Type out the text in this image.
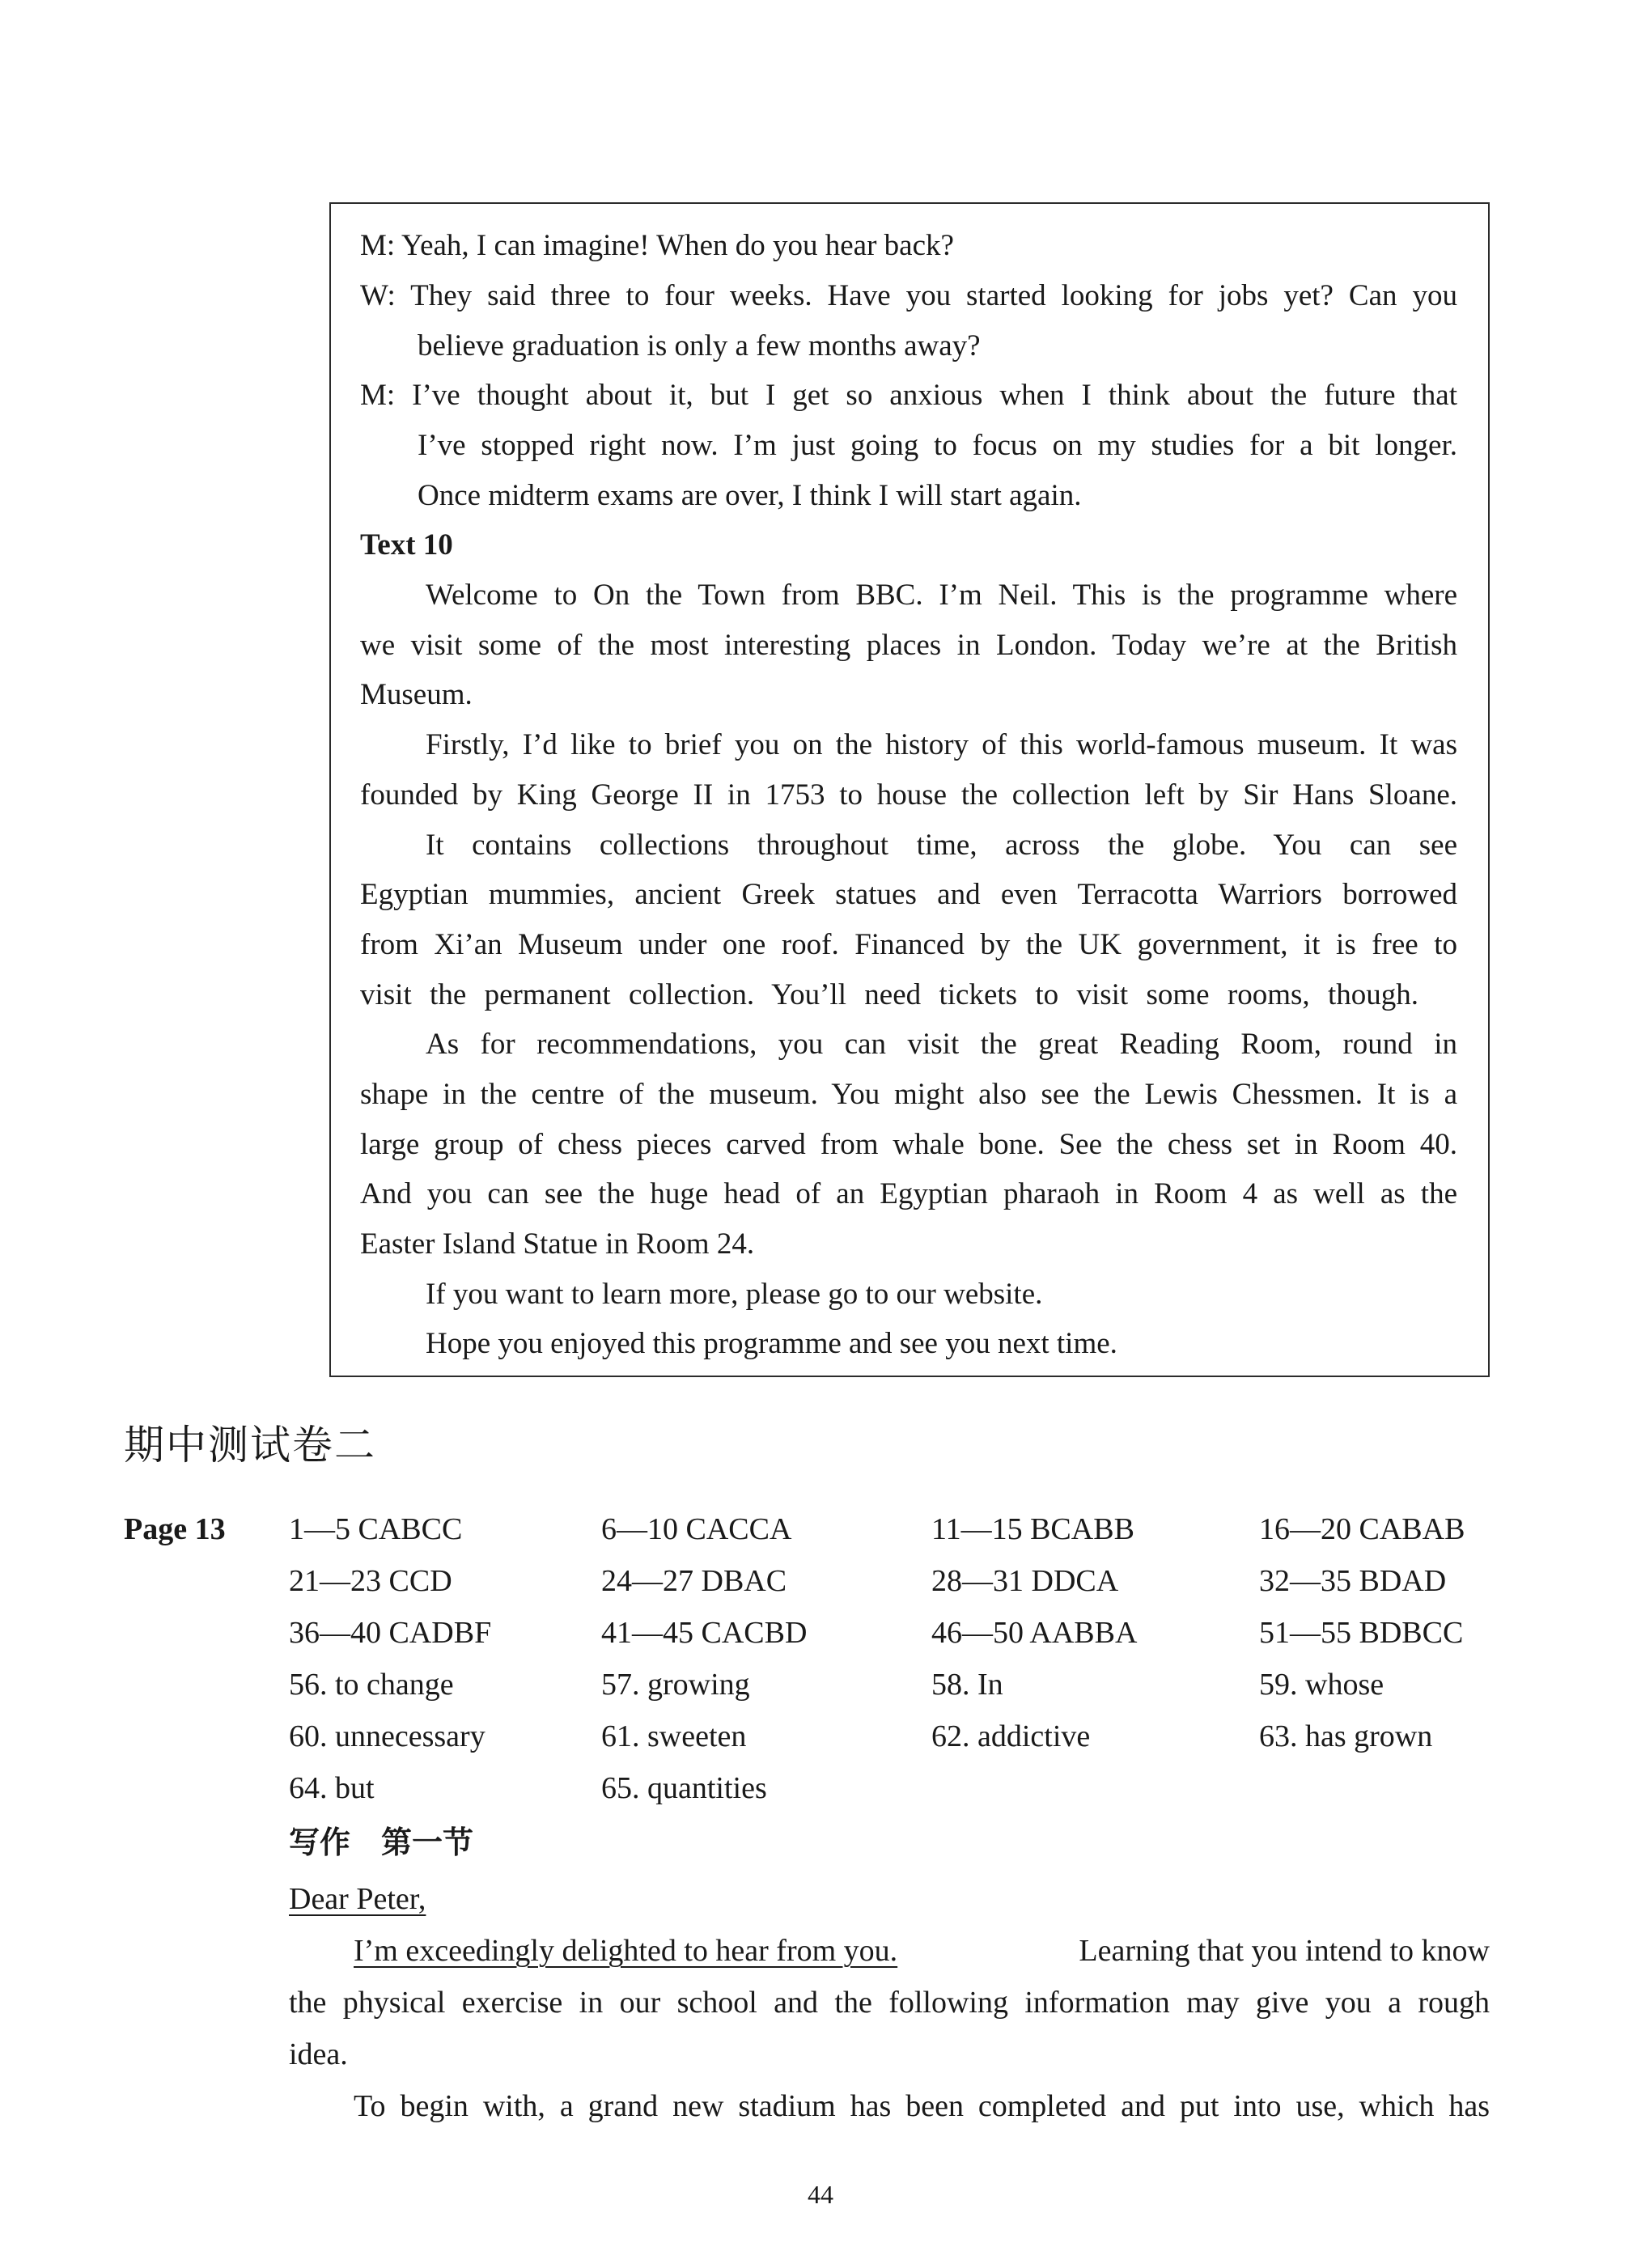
M: Yeah, I can imagine! When do you hear back?
W: They said three to four weeks. Have you started looking for jobs yet? Can you
believe graduation is only a few months away?
M: I’ve thought about it, but I get so anxious when I think about the future that
I’ve stopped right now. I’m just going to focus on my studies for a bit longer.
Once midterm exams are over, I think I will start again.
Text 10
Welcome to On the Town from BBC. I’m Neil. This is the programme where
we visit some of the most interesting places in London. Today we’re at the British
Museum.
Firstly, I’d like to brief you on the history of this world-famous museum. It was
founded by King George II in 1753 to house the collection left by Sir Hans Sloane.
It contains collections throughout time, across the globe. You can see
Egyptian mummies, ancient Greek statues and even Terracotta Warriors borrowed
from Xi’an Museum under one roof. Financed by the UK government, it is free to
visit the permanent collection. You’ll need tickets to visit some rooms, though.
As for recommendations, you can visit the great Reading Room, round in
shape in the centre of the museum. You might also see the Lewis Chessmen. It is a
large group of chess pieces carved from whale bone. See the chess set in Room 40.
And you can see the huge head of an Egyptian pharaoh in Room 4 as well as the
Easter Island Statue in Room 24.
If you want to learn more, please go to our website.
Hope you enjoyed this programme and see you next time.
期中测试卷二
Page 13 1—5 CABCC	6—10 CACCA	11—15 BCABB	16—20 CABAB
21—23 CCD	24—27 DBAC	28—31 DDCA	32—35 BDAD
36—40 CADBF	41—45 CACBD	46—50 AABBA	51—55 BDBCC
56. to change	57. growing	58. In	59. whose
60. unnecessary	61. sweeten	62. addictive	63. has grown
64. but	65. quantities
写作　第一节
Dear Peter,
I’m exceedingly delighted to hear from you.	Learning that you intend to know
the physical exercise in our school and the following information may give you a rough
idea.
To begin with, a grand new stadium has been completed and put into use, which has
44
